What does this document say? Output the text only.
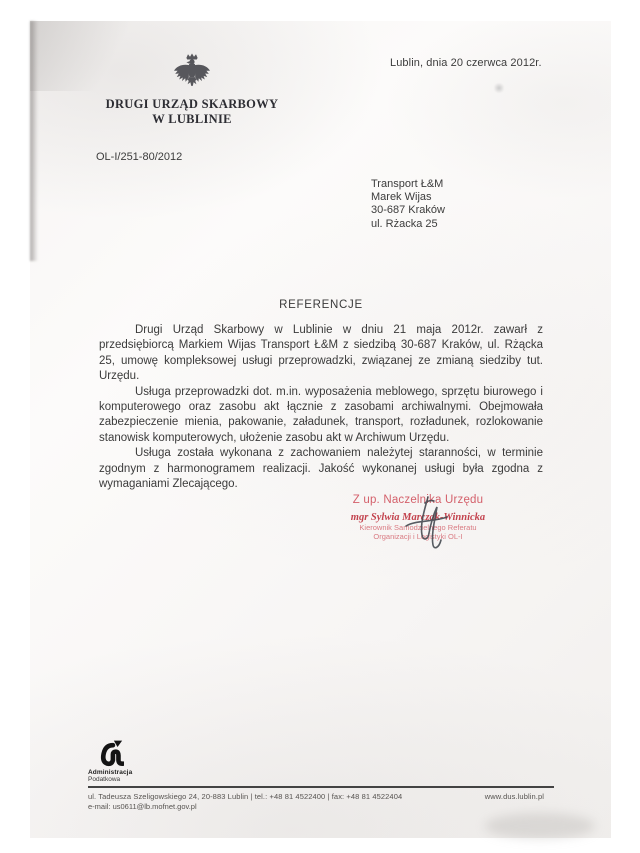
Lublin, dnia 20 czerwca 2012r.
DRUGI URZĄD SKARBOWY
W LUBLINIE
OL-I/251-80/2012
Transport Ł&M
Marek Wijas
30-687 Kraków
ul. Rżacka 25
REFERENCJE

Drugi Urząd Skarbowy w Lublinie w dniu 21 maja 2012r. zawarł z przedsiębiorcą Markiem Wijas Transport Ł&M z siedzibą 30-687 Kraków, ul. Rżącka 25, umowę kompleksowej usługi przeprowadzki, związanej ze zmianą siedziby tut. Urzędu.

Usługa przeprowadzki dot. m.in. wyposażenia meblowego, sprzętu biurowego i komputerowego oraz zasobu akt łącznie z zasobami archiwalnymi. Obejmowała zabezpieczenie mienia, pakowanie, załadunek, transport, rozładunek, rozlokowanie stanowisk komputerowych, ułożenie zasobu akt w Archiwum Urzędu.

Usługa została wykonana z zachowaniem należytej staranności, w terminie zgodnym z harmonogramem realizacji. Jakość wykonanej usługi była zgodna z wymaganiami Zlecającego.

Z up. Naczelnika Urzędu
mgr Sylwia Marczak-Winnicka
Kierownik Samodzielnego Referatu
Organizacji i Logistyki OL-I
Administracja
Podatkowa
ul. Tadeusza Szeligowskiego 24, 20-883 Lublin | tel.: +48 81 4522400 | fax: +48 81 4522404	www.dus.lublin.pl
e-mail: us0611@lb.mofnet.gov.pl
